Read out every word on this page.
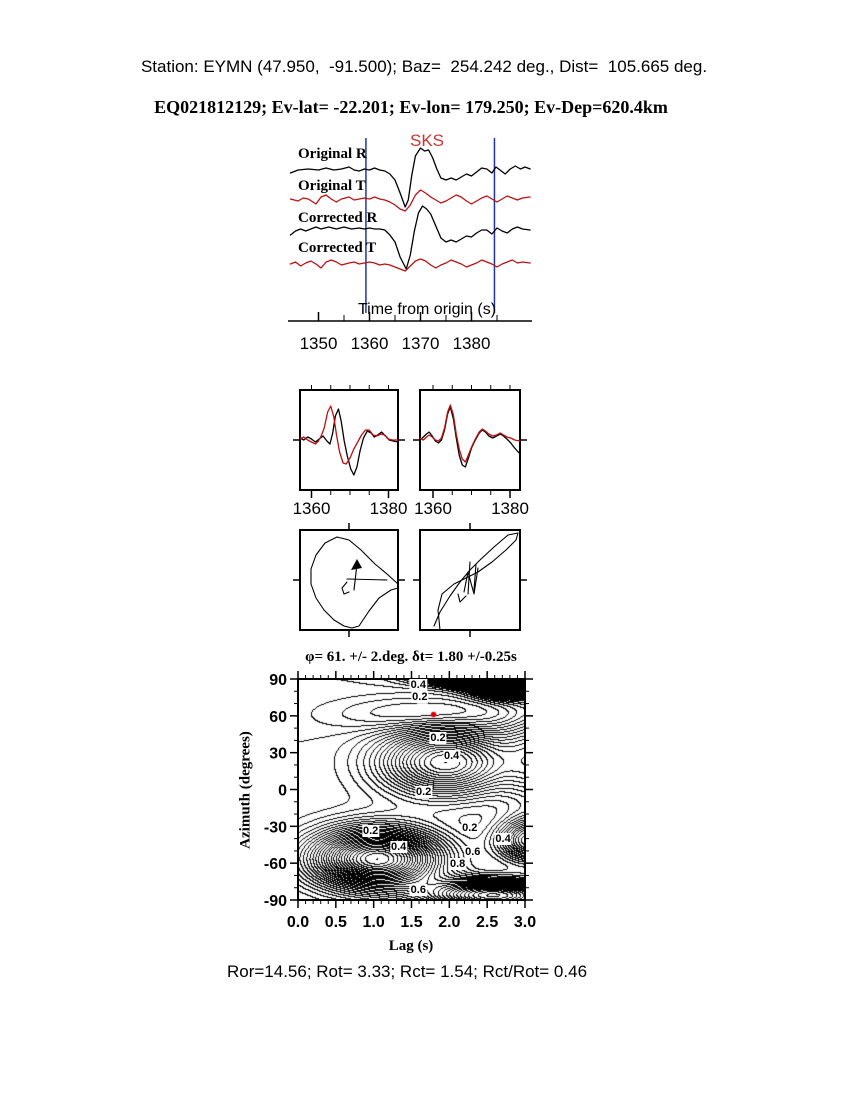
1350 1360 1370 1380
1360 1380 1360 1380
0.0 0.5 1.0 1.5 2.0 2.5 3.0
90
60
30
0
-30
-60
-90
Station: EYMN (47.950,  -91.500); Baz=  254.242 deg., Dist=  105.665 deg.
EQ021812129; Ev-lat= -22.201; Ev-lon= 179.250; Ev-Dep=620.4km
Original R
Original T
Corrected R
Corrected T
SKS
Time from origin (s)
φ= 61. +/- 2.deg. δt= 1.80 +/-0.25s
Azimuth (degrees)
Lag (s)
Ror=14.56; Rot= 3.33; Rct= 1.54; Rct/Rot= 0.46
0.4
0.2
0.2
0.4
0.2
0.2
0.4
0.2
0.4
0.6
0.8
0.6
